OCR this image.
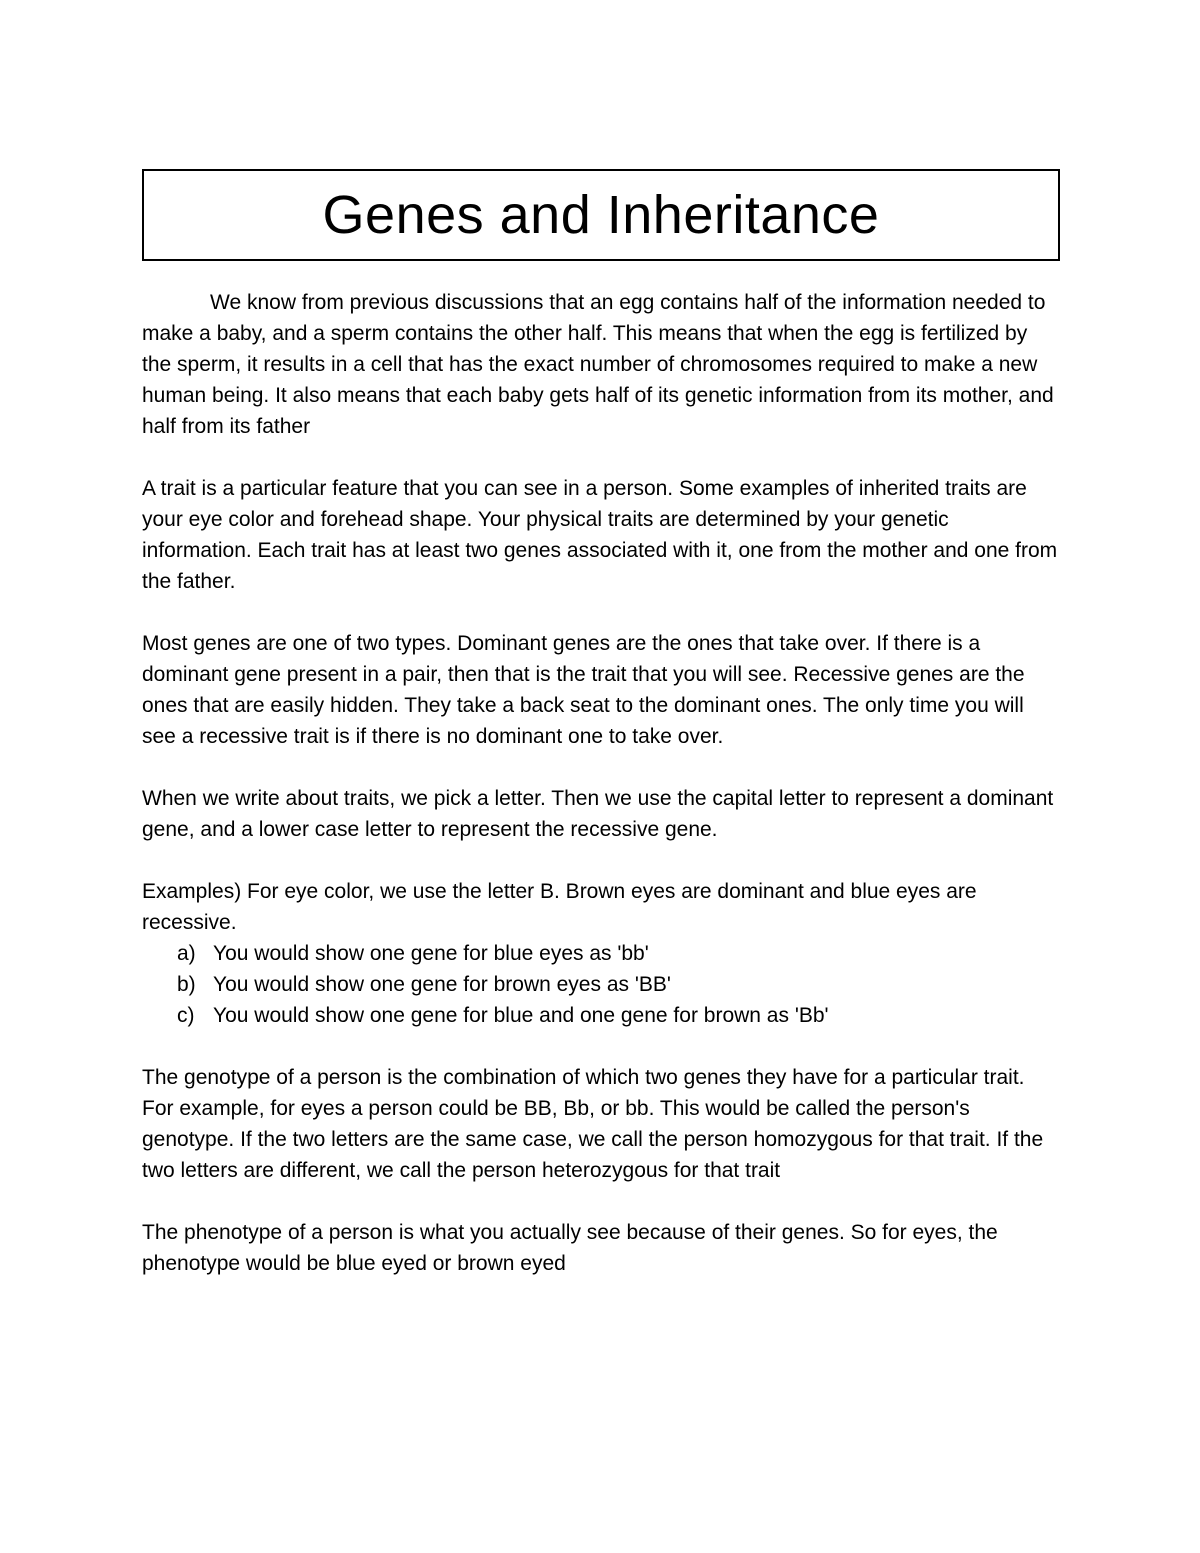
Genes and Inheritance

We know from previous discussions that an egg contains half of the information needed to make a baby, and a sperm contains the other half. This means that when the egg is fertilized by the sperm, it results in a cell that has the exact number of chromosomes required to make a new human being. It also means that each baby gets half of its genetic information from its mother, and half from its father

A trait is a particular feature that you can see in a person. Some examples of inherited traits are your eye color and forehead shape. Your physical traits are determined by your genetic information. Each trait has at least two genes associated with it, one from the mother and one from the father.

Most genes are one of two types. Dominant genes are the ones that take over. If there is a dominant gene present in a pair, then that is the trait that you will see. Recessive genes are the ones that are easily hidden. They take a back seat to the dominant ones. The only time you will see a recessive trait is if there is no dominant one to take over.

When we write about traits, we pick a letter. Then we use the capital letter to represent a dominant gene, and a lower case letter to represent the recessive gene.

Examples) For eye color, we use the letter B. Brown eyes are dominant and blue eyes are recessive.

a) You would show one gene for blue eyes as 'bb'
b) You would show one gene for brown eyes as 'BB'
c) You would show one gene for blue and one gene for brown as 'Bb'

The genotype of a person is the combination of which two genes they have for a particular trait. For example, for eyes a person could be BB, Bb, or bb. This would be called the person's genotype. If the two letters are the same case, we call the person homozygous for that trait. If the two letters are different, we call the person heterozygous for that trait

The phenotype of a person is what you actually see because of their genes. So for eyes, the phenotype would be blue eyed or brown eyed
